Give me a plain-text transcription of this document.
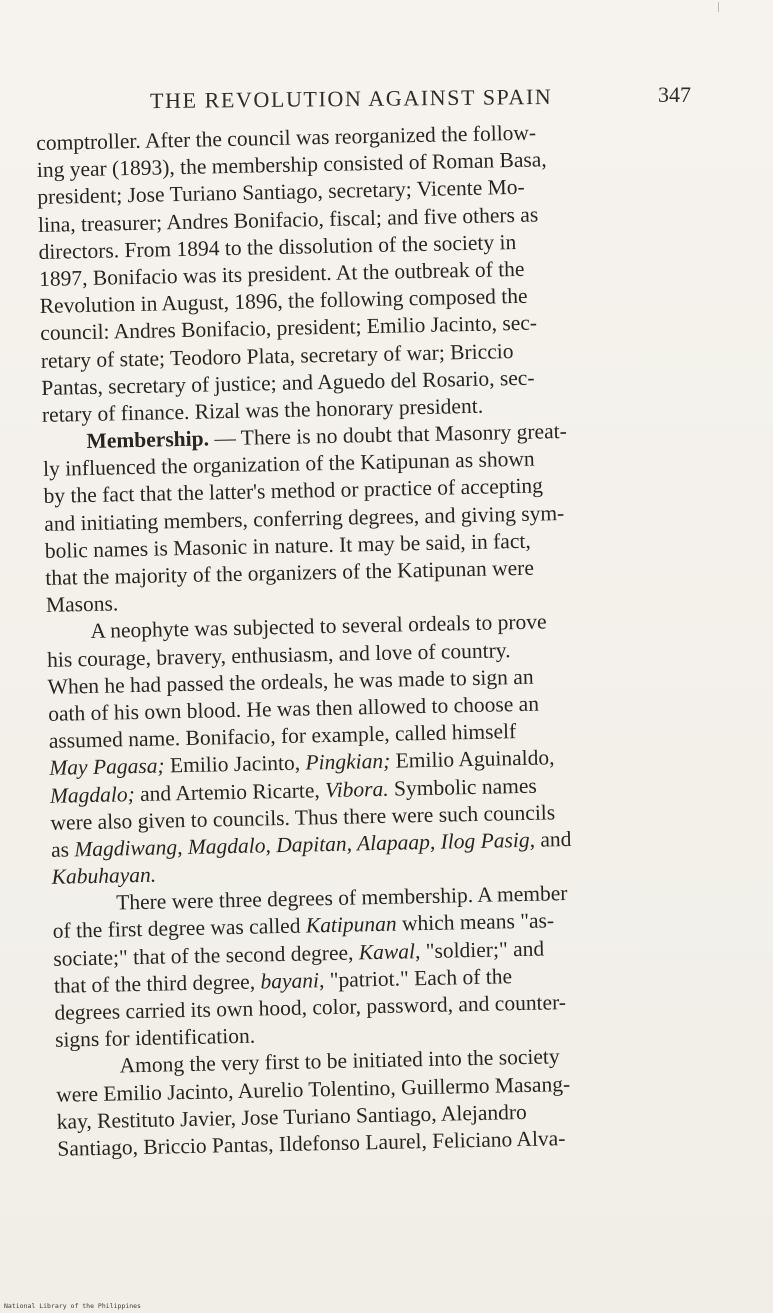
THE REVOLUTION AGAINST SPAIN	347
comptroller. After the council was reorganized the follow-
ing year (1893), the membership consisted of Roman Basa,
president; Jose Turiano Santiago, secretary; Vicente Mo-
lina, treasurer; Andres Bonifacio, fiscal; and five others as
directors. From 1894 to the dissolution of the society in
1897, Bonifacio was its president. At the outbreak of the
Revolution in August, 1896, the following composed the
council: Andres Bonifacio, president; Emilio Jacinto, sec-
retary of state; Teodoro Plata, secretary of war; Briccio
Pantas, secretary of justice; and Aguedo del Rosario, sec-
retary of finance. Rizal was the honorary president.
Membership. — There is no doubt that Masonry great-
ly influenced the organization of the Katipunan as shown
by the fact that the latter's method or practice of accepting
and initiating members, conferring degrees, and giving sym-
bolic names is Masonic in nature. It may be said, in fact,
that the majority of the organizers of the Katipunan were
Masons.
A neophyte was subjected to several ordeals to prove
his courage, bravery, enthusiasm, and love of country.
When he had passed the ordeals, he was made to sign an
oath of his own blood. He was then allowed to choose an
assumed name. Bonifacio, for example, called himself
May Pagasa; Emilio Jacinto, Pingkian; Emilio Aguinaldo,
Magdalo; and Artemio Ricarte, Vibora. Symbolic names
were also given to councils. Thus there were such councils
as Magdiwang, Magdalo, Dapitan, Alapaap, Ilog Pasig, and
Kabuhayan.
There were three degrees of membership. A member
of the first degree was called Katipunan which means "as-
sociate;" that of the second degree, Kawal, "soldier;" and
that of the third degree, bayani, "patriot." Each of the
degrees carried its own hood, color, password, and counter-
signs for identification.
Among the very first to be initiated into the society
were Emilio Jacinto, Aurelio Tolentino, Guillermo Masang-
kay, Restituto Javier, Jose Turiano Santiago, Alejandro
Santiago, Briccio Pantas, Ildefonso Laurel, Feliciano Alva-
National Library of the Philippines
